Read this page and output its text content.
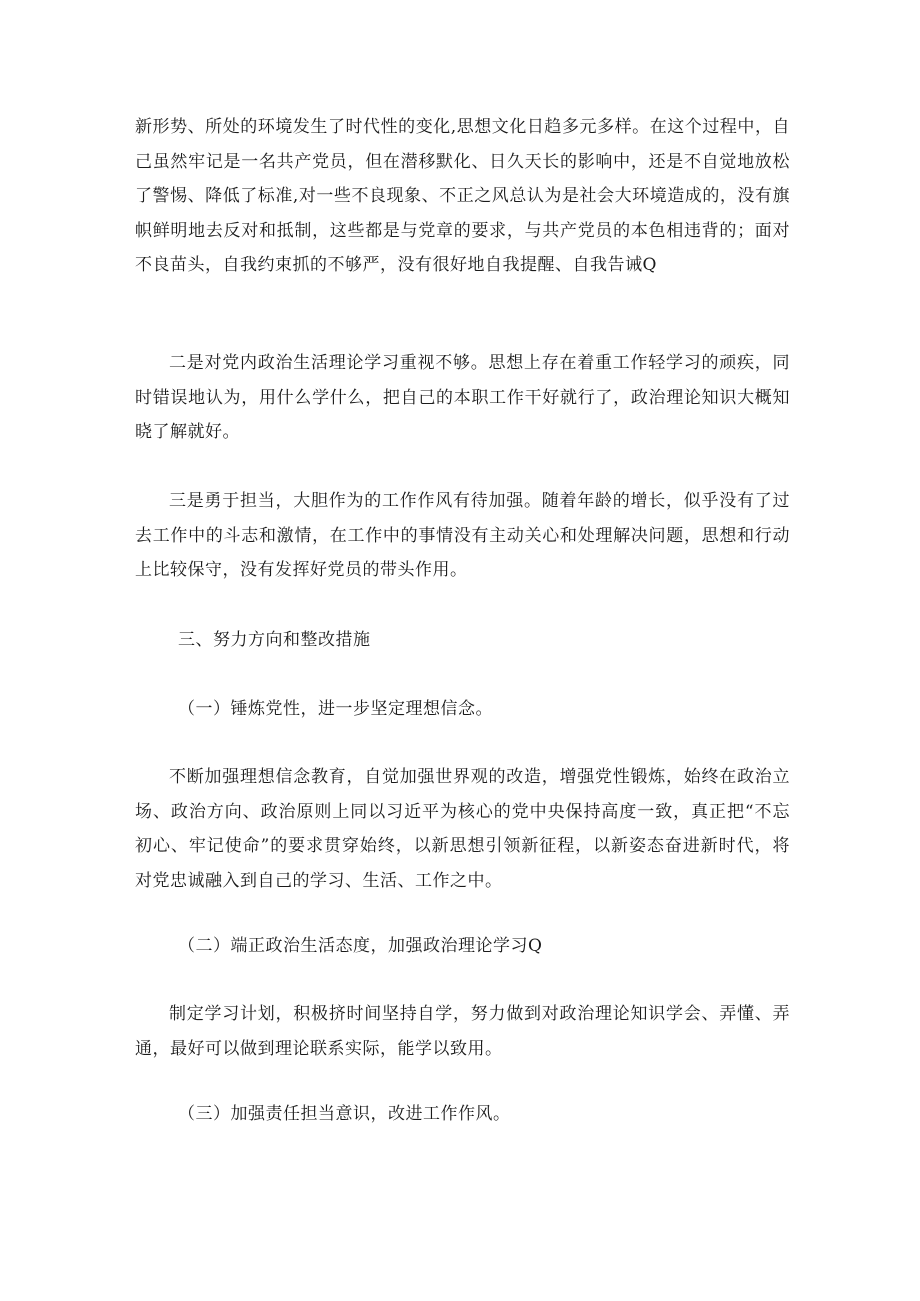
新形势、所处的环境发生了时代性的变化,思想文化日趋多元多样。在这个过程中，自己虽然牢记是一名共产党员，但在潜移默化、日久天长的影响中，还是不自觉地放松了警惕、降低了标准,对一些不良现象、不正之风总认为是社会大环境造成的，没有旗帜鲜明地去反对和抵制，这些都是与党章的要求，与共产党员的本色相违背的；面对不良苗头，自我约束抓的不够严，没有很好地自我提醒、自我告诫Q

二是对党内政治生活理论学习重视不够。思想上存在着重工作轻学习的顽疾，同时错误地认为，用什么学什么，把自己的本职工作干好就行了，政治理论知识大概知晓了解就好。

三是勇于担当，大胆作为的工作作风有待加强。随着年龄的增长，似乎没有了过去工作中的斗志和激情，在工作中的事情没有主动关心和处理解决问题，思想和行动上比较保守，没有发挥好党员的带头作用。

三、努力方向和整改措施

（一）锤炼党性，进一步坚定理想信念。

不断加强理想信念教育，自觉加强世界观的改造，增强党性锻炼，始终在政治立场、政治方向、政治原则上同以习近平为核心的党中央保持高度一致，真正把“不忘初心、牢记使命”的要求贯穿始终，以新思想引领新征程，以新姿态奋进新时代，将对党忠诚融入到自己的学习、生活、工作之中。

（二）端正政治生活态度，加强政治理论学习Q

制定学习计划，积极挤时间坚持自学，努力做到对政治理论知识学会、弄懂、弄通，最好可以做到理论联系实际，能学以致用。

（三）加强责任担当意识，改进工作作风。
